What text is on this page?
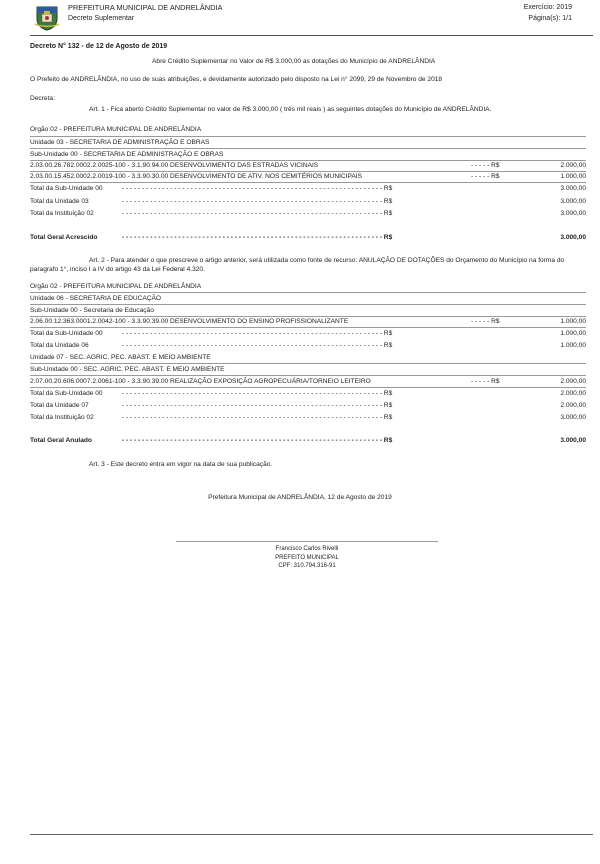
PREFEITURA MUNICIPAL DE ANDRELÂNDIA
Decreto Suplementar
Exercício: 2019
Página(s): 1/1
Decreto N° 132 - de 12 de Agosto de 2019
Abre Crédito Suplementar no Valor de R$ 3.000,00 as dotações do Município de ANDRELÂNDIA
O Prefeito de ANDRELÂNDIA, no uso de suas atribuições, e devidamente autorizado pelo disposto na Lei n° 2099, 29 de Novembro de 2018
Decreta:
Art. 1 - Fica aberto Crédito Suplementar no valor de R$ 3.000,00 ( três mil reais ) as seguintes dotações do Município de ANDRELÂNDIA.
Orgão 02 - PREFEITURA MUNICIPAL DE ANDRELÂNDIA
Unidade 03 - SECRETARIA DE ADMINISTRAÇÃO E OBRAS
Sub-Unidade 00 - SECRETARIA DE ADMINISTRAÇÃO E OBRAS
2.03.00.26.782.0002.2.0025-100 - 3.1.90.94.00 DESENVOLVIMENTO DAS ESTRADAS VICINAIS	- - - - - R$	2.000,00
2.03.00.15.452.0002.2.0019-100 - 3.3.90.30.00 DESENVOLVIMENTO DE ATIV. NOS CEMITÉRIOS MUNICIPAIS	- - - - - R$	1.000,00
Total da Sub-Unidade 00	- - - - - - - - - - - - - - - - - - - - - - - - - - - - - - - - - - - - - - - - - - - - - - - - - - - - - - - - - - - - - - - - - R$	3.000,00
Total da Unidade 03	- - - - - - - - - - - - - - - - - - - - - - - - - - - - - - - - - - - - - - - - - - - - - - - - - - - - - - - - - - - - - - - - - R$	3.000,00
Total da Instituição 02	- - - - - - - - - - - - - - - - - - - - - - - - - - - - - - - - - - - - - - - - - - - - - - - - - - - - - - - - - - - - - - - - - R$	3.000,00
Total Geral Acrescido	- - - - - - - - - - - - - - - - - - - - - - - - - - - - - - - - - - - - - - - - - - - - - - - - - - - - - - - - - - - - - - - - - R$	3.000,00
Art. 2 - Para atender o que prescreve o artigo anterior, será utilizada como fonte de recurso: ANULAÇÃO DE DOTAÇÕES do Orçamento do Município na forma do paragrafo 1°, inciso I a IV do artigo 43 da Lei Federal 4.320.
Orgão 02 - PREFEITURA MUNICIPAL DE ANDRELÂNDIA
Unidade 06 - SECRETARIA DE EDUCAÇÃO
Sub-Unidade 00 - Secretaria de Educação
2.06.00.12.363.0001.2.0042-100 - 3.3.90.39.00 DESENVOLVIMENTO DO ENSINO PROFISSIONALIZANTE	- - - - - R$	1.000,00
Total da Sub-Unidade 00	- - - - - - - - - - - - - - - - - - - - - - - - - - - - - - - - - - - - - - - - - - - - - - - - - - - - - - - - - - - - - - - - - R$	1.000,00
Total da Unidade 06	- - - - - - - - - - - - - - - - - - - - - - - - - - - - - - - - - - - - - - - - - - - - - - - - - - - - - - - - - - - - - - - - - R$	1.000,00
Unidade 07 - SEC. AGRIC. PEC. ABAST. E MEIO AMBIENTE
Sub-Unidade 00 - SEC. AGRIC. PEC. ABAST. E MEIO AMBIENTE
2.07.00.20.606.0007.2.0061-100 - 3.3.90.39.00 REALIZAÇÃO EXPOSIÇÃO AGROPECUÁRIA/TORNEIO LEITEIRO	- - - - - R$	2.000,00
Total da Sub-Unidade 00	- - - - - - - - - - - - - - - - - - - - - - - - - - - - - - - - - - - - - - - - - - - - - - - - - - - - - - - - - - - - - - - - - R$	2.000,00
Total da Unidade 07	- - - - - - - - - - - - - - - - - - - - - - - - - - - - - - - - - - - - - - - - - - - - - - - - - - - - - - - - - - - - - - - - - R$	2.000,00
Total da Instituição 02	- - - - - - - - - - - - - - - - - - - - - - - - - - - - - - - - - - - - - - - - - - - - - - - - - - - - - - - - - - - - - - - - - R$	3.000,00
Total Geral Anulado	- - - - - - - - - - - - - - - - - - - - - - - - - - - - - - - - - - - - - - - - - - - - - - - - - - - - - - - - - - - - - - - - - R$	3.000,00
Art. 3 - Este decreto entra em vigor na data de sua publicação.
Prefeitura Municipal de ANDRELÂNDIA, 12 de Agosto de 2019
Francisco Carlos Rivelli
PREFEITO MUNICIPAL
CPF: 310.794.316-91
